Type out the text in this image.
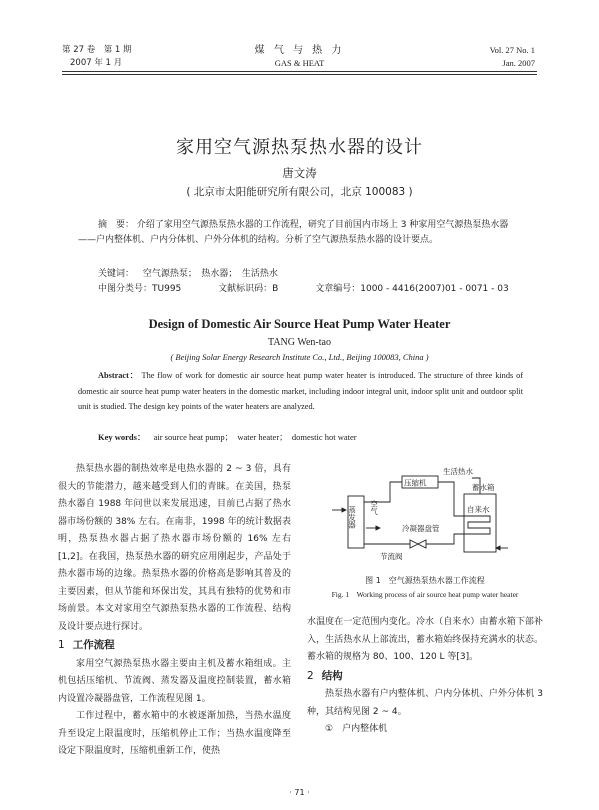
第 27 卷　第 1 期
2007 年 1 月
煤 气 与 热 力
GAS & HEAT
Vol. 27 No. 1
Jan. 2007
家用空气源热泵热水器的设计
唐文涛
( 北京市太阳能研究所有限公司，北京 100083 )
摘　要： 介绍了家用空气源热泵热水器的工作流程，研究了目前国内市场上 3 种家用空气源热泵热水器——户内整体机、户内分体机、户外分体机的结构。分析了空气源热泵热水器的设计要点。
关键词： 空气源热泵；　热水器；　生活热水
中图分类号：TU995	文献标识码：B	文章编号：1000 - 4416(2007)01 - 0071 - 03
Design of Domestic Air Source Heat Pump Water Heater
TANG Wen-tao
( Beijing Solar Energy Research Institute Co., Ltd., Beijing 100083, China )
Abstract： The flow of work for domestic air source heat pump water heater is introduced. The structure of three kinds of domestic air source heat pump water heaters in the domestic market, including indoor integral unit, indoor split unit and outdoor split unit is studied. The design key points of the water heaters are analyzed.
Key words： air source heat pump；　water heater；　domestic hot water

热泵热水器的制热效率是电热水器的 2 ~ 3 倍，具有很大的节能潜力，越来越受到人们的青睐。在美国，热泵热水器自 1988 年问世以来发展迅速，目前已占据了热水器市场份额的 38% 左右。在南非，1998 年的统计数据表明，热泵热水器占据了热水器市场份额的 16% 左右[1,2]。在我国，热泵热水器的研究应用刚起步，产品处于热水器市场的边缘。热泵热水器的价格高是影响其普及的主要因素，但从节能和环保出发，其具有独特的优势和市场前景。本文对家用空气源热泵热水器的工作流程、结构及设计要点进行探讨。

1 工作流程

家用空气源热泵热水器主要由主机及蓄水箱组成。主机包括压缩机、节流阀、蒸发器及温度控制装置，蓄水箱内设置冷凝器盘管，工作流程见图 1。

工作过程中，蓄水箱中的水被逐渐加热，当热水温度升至设定上限温度时，压缩机停止工作；当热水温度降至设定下限温度时，压缩机重新工作，使热

生活热水
压缩机	蓄水箱
冷凝器盘管
自来水
节流阀
蒸发器 空气
图 1　空气源热泵热水器工作流程
Fig. 1　Working process of air source heat pump water heater

水温度在一定范围内变化。冷水（自来水）由蓄水箱下部补入，生活热水从上部流出，蓄水箱始终保持充满水的状态。蓄水箱的规格为 80、100、120 L 等[3]。

2 结构

热泵热水器有户内整体机、户内分体机、户外分体机 3 种，其结构见图 2 ~ 4。

①　户内整体机

· 71 ·
